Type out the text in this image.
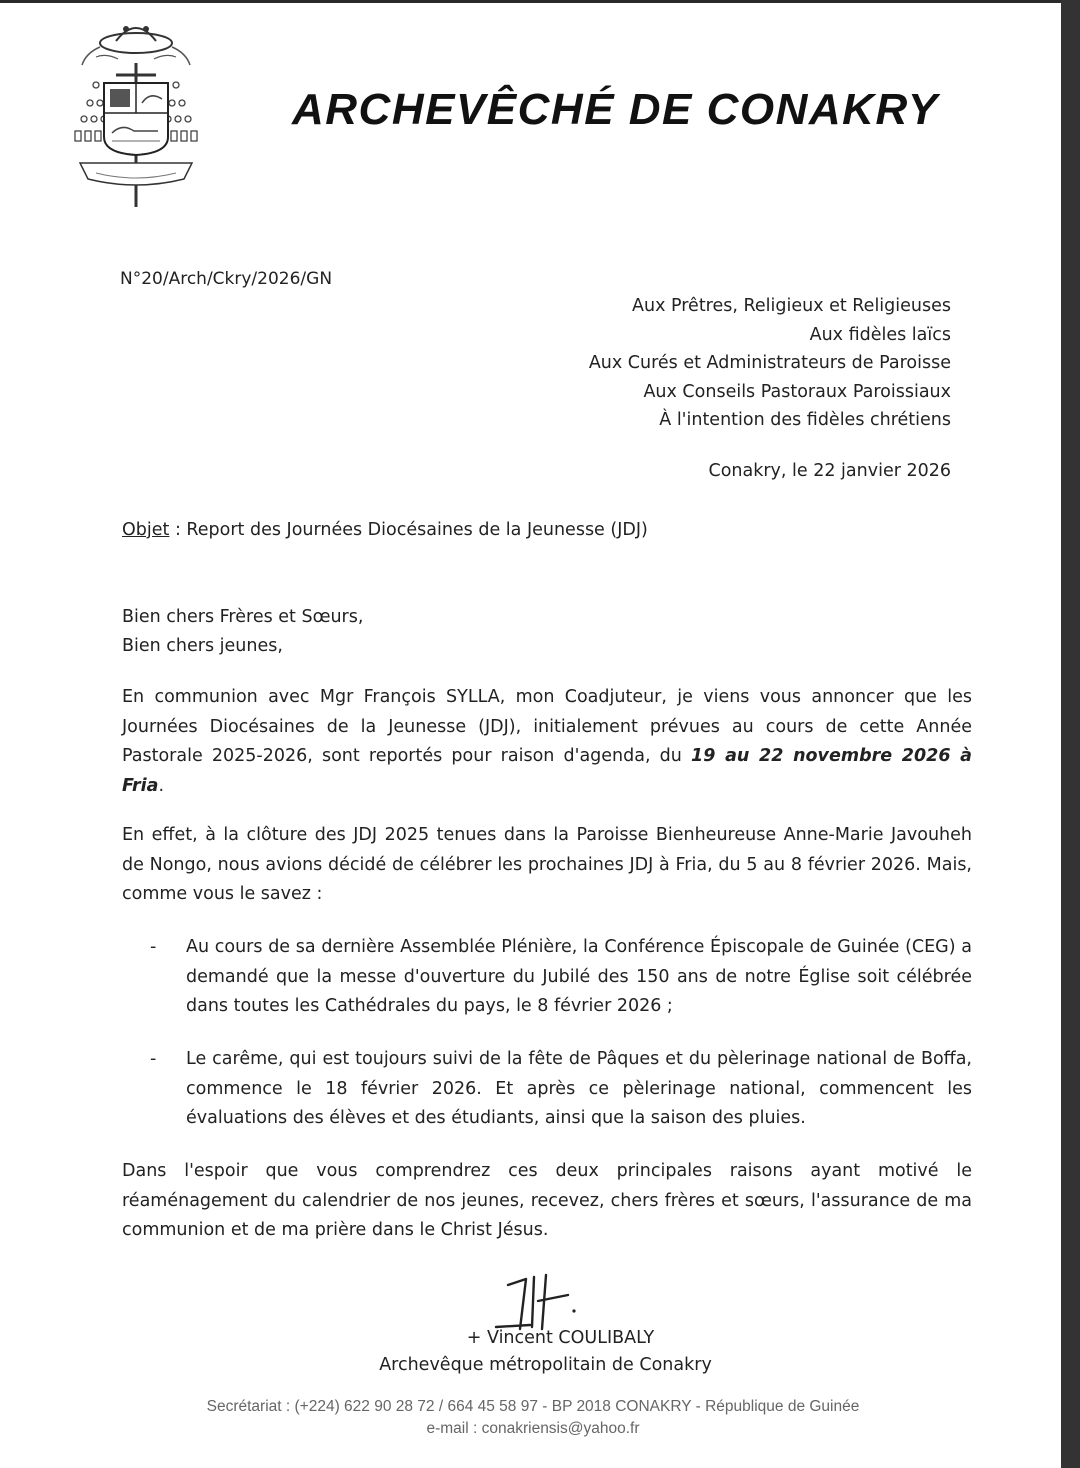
ARCHEVÊCHÉ DE CONAKRY
N°20/Arch/Ckry/2026/GN
Aux Prêtres, Religieux et Religieuses
Aux fidèles laïcs
Aux Curés et Administrateurs de Paroisse
Aux Conseils Pastoraux Paroissiaux
À l'intention des fidèles chrétiens
Conakry, le 22 janvier 2026
Objet : Report des Journées Diocésaines de la Jeunesse (JDJ)
Bien chers Frères et Sœurs,
Bien chers jeunes,
En communion avec Mgr François SYLLA, mon Coadjuteur, je viens vous annoncer que les Journées Diocésaines de la Jeunesse (JDJ), initialement prévues au cours de cette Année Pastorale 2025-2026, sont reportés pour raison d'agenda, du 19 au 22 novembre 2026 à Fria.
En effet, à la clôture des JDJ 2025 tenues dans la Paroisse Bienheureuse Anne-Marie Javouheh de Nongo, nous avions décidé de célébrer les prochaines JDJ à Fria, du 5 au 8 février 2026. Mais, comme vous le savez :
- Au cours de sa dernière Assemblée Plénière, la Conférence Épiscopale de Guinée (CEG) a demandé que la messe d'ouverture du Jubilé des 150 ans de notre Église soit célébrée dans toutes les Cathédrales du pays, le 8 février 2026 ;
- Le carême, qui est toujours suivi de la fête de Pâques et du pèlerinage national de Boffa, commence le 18 février 2026. Et après ce pèlerinage national, commencent les évaluations des élèves et des étudiants, ainsi que la saison des pluies.
Dans l'espoir que vous comprendrez ces deux principales raisons ayant motivé le réaménagement du calendrier de nos jeunes, recevez, chers frères et sœurs, l'assurance de ma communion et de ma prière dans le Christ Jésus.
+ Vincent COULIBALY
Archevêque métropolitain de Conakry
Secrétariat : (+224) 622 90 28 72 / 664 45 58 97 - BP 2018 CONAKRY - République de Guinée
e-mail : conakriensis@yahoo.fr
